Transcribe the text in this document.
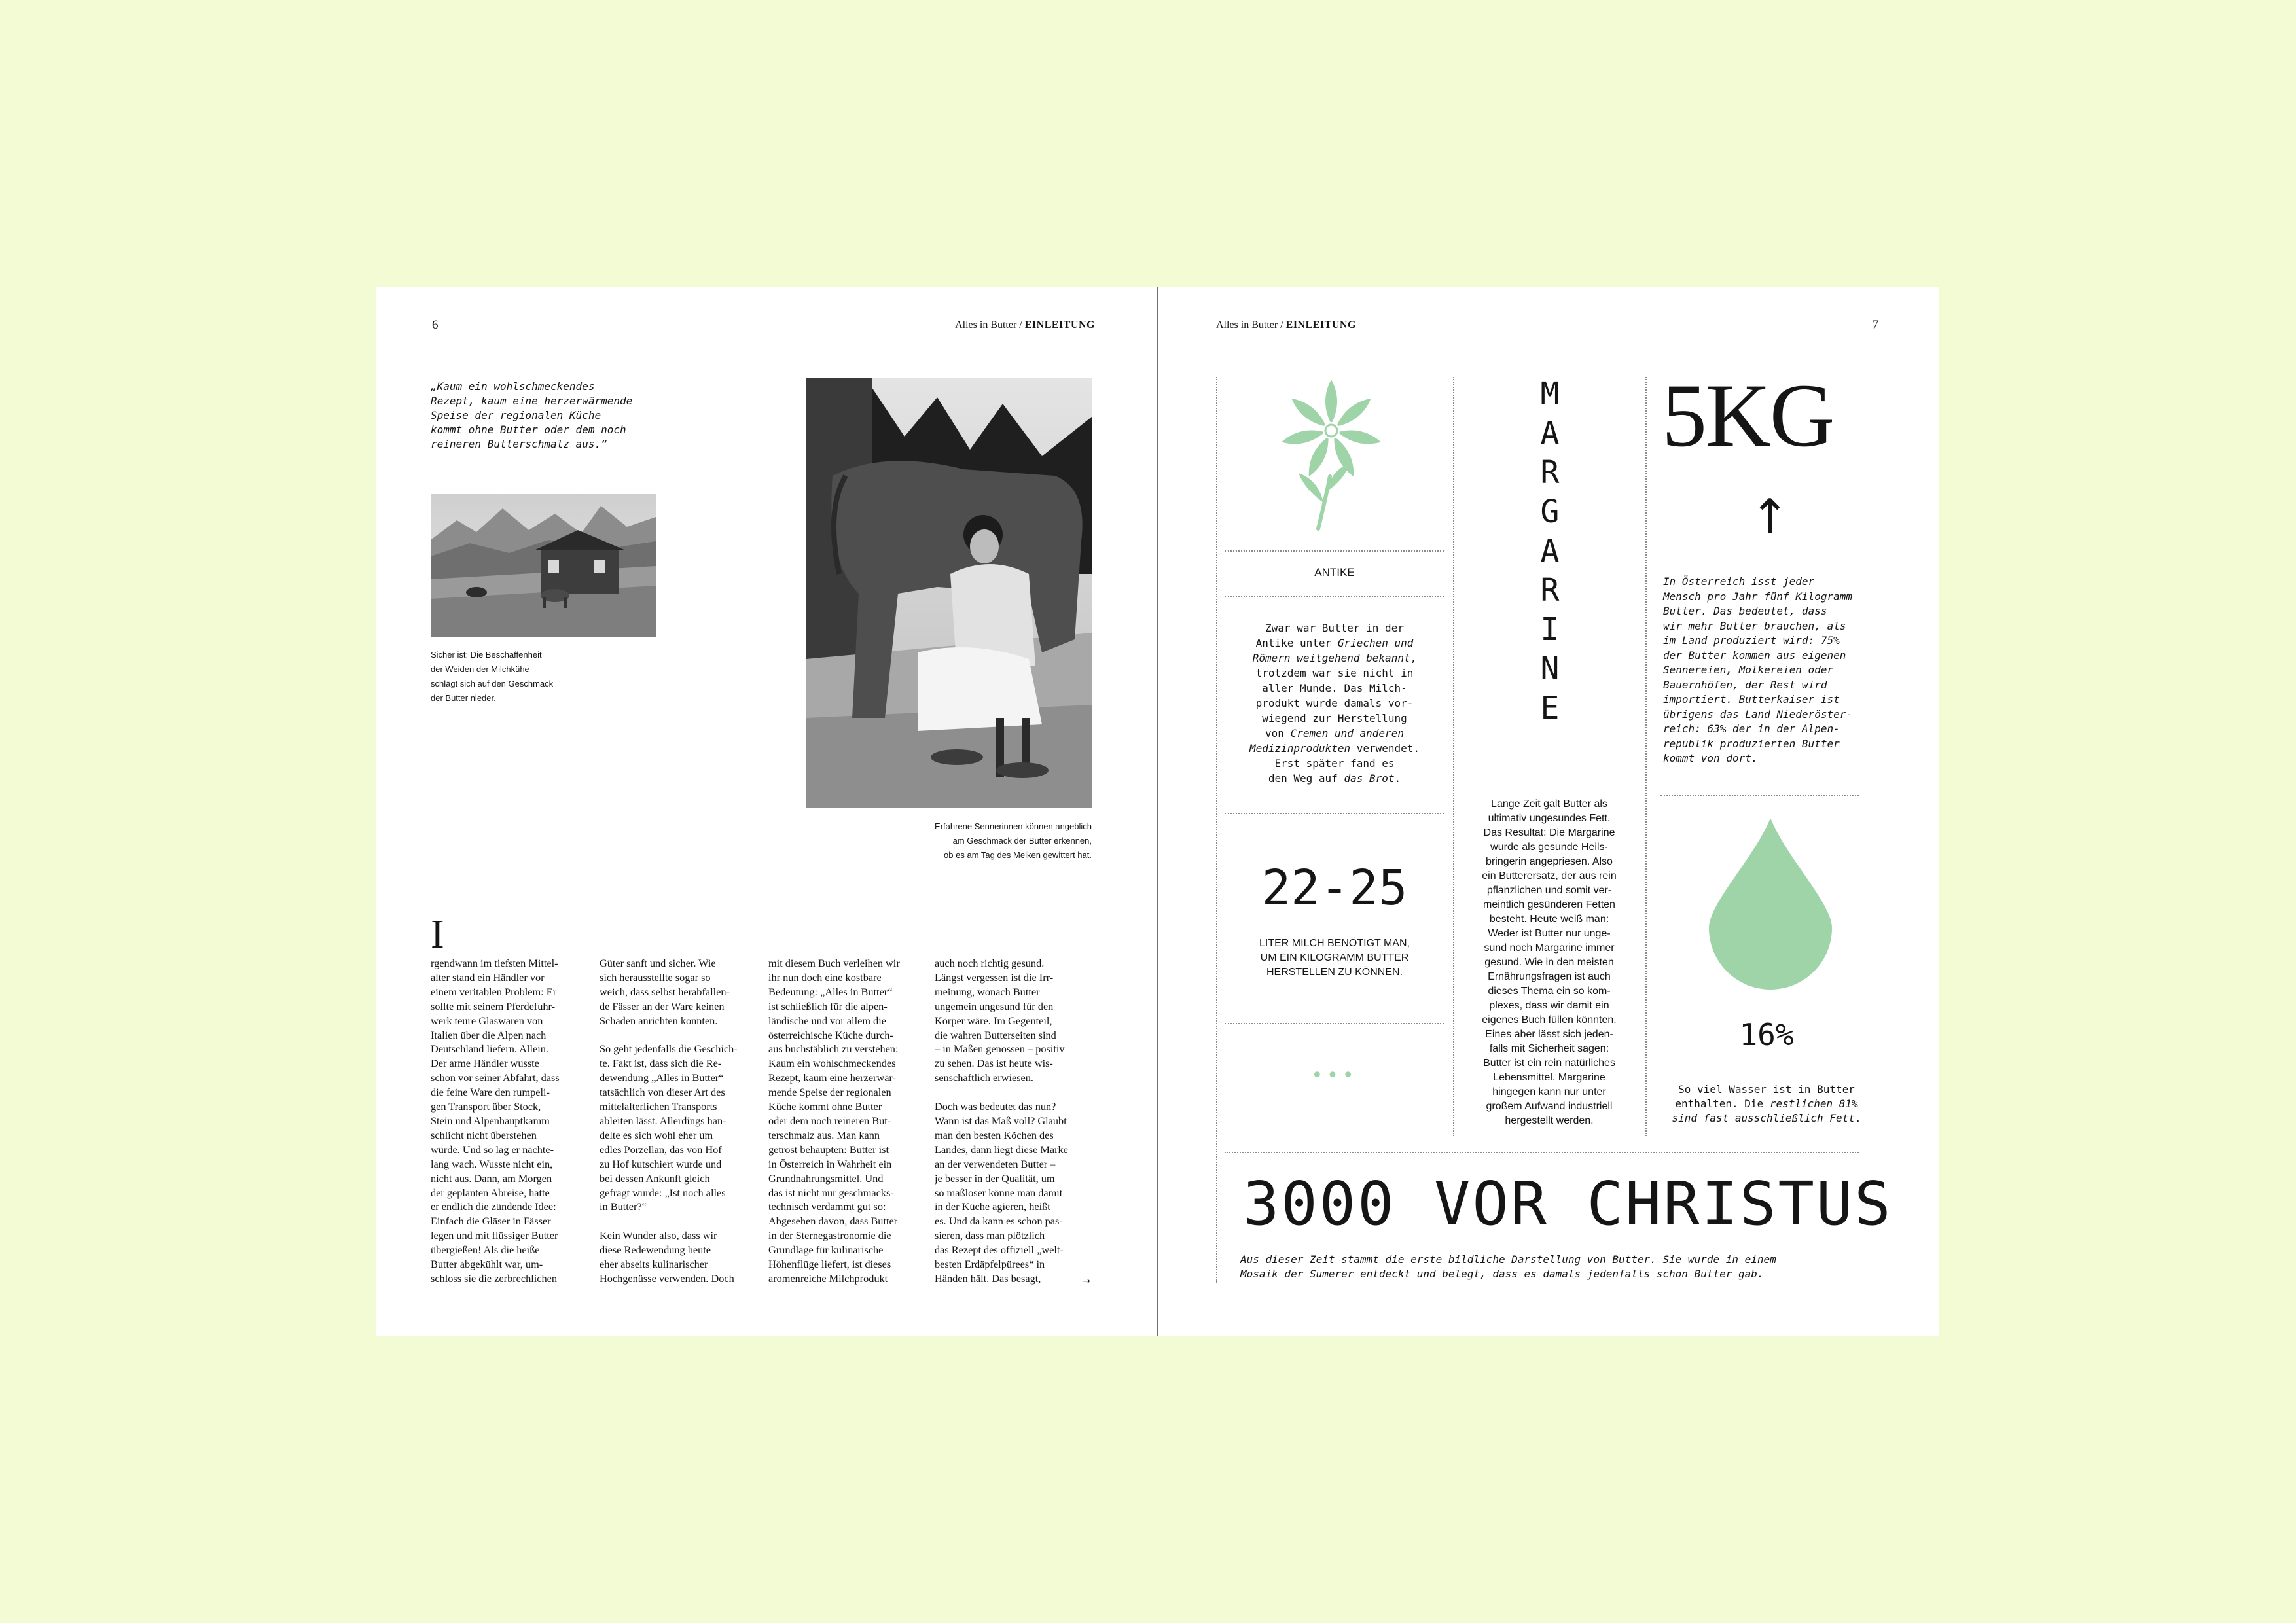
6	Alles in Butter / EINLEITUNG
„Kaum ein wohlschmeckendes
Rezept, kaum eine herzerwärmende
Speise der regionalen Küche
kommt ohne Butter oder dem noch
reineren Butterschmalz aus.“
Sicher ist: Die Beschaffenheit
der Weiden der Milchkühe
schlägt sich auf den Geschmack
der Butter nieder.
Erfahrene Sennerinnen können angeblich
am Geschmack der Butter erkennen,
ob es am Tag des Melken gewittert hat.
I
rgendwann im tiefsten Mittel-
alter stand ein Händler vor
einem veritablen Problem: Er
sollte mit seinem Pferdefuhr-
werk teure Glaswaren von
Italien über die Alpen nach
Deutschland liefern. Allein.
Der arme Händler wusste
schon vor seiner Abfahrt, dass
die feine Ware den rumpeli-
gen Transport über Stock,
Stein und Alpenhauptkamm
schlicht nicht überstehen
würde. Und so lag er nächte-
lang wach. Wusste nicht ein,
nicht aus. Dann, am Morgen
der geplanten Abreise, hatte
er endlich die zündende Idee:
Einfach die Gläser in Fässer
legen und mit flüssiger Butter
übergießen! Als die heiße
Butter abgekühlt war, um-
schloss sie die zerbrechlichen
Güter sanft und sicher. Wie
sich herausstellte sogar so
weich, dass selbst herabfallen-
de Fässer an der Ware keinen
Schaden anrichten konnten.

So geht jedenfalls die Geschich-
te. Fakt ist, dass sich die Re-
dewendung „Alles in Butter“
tatsächlich von dieser Art des
mittelalterlichen Transports
ableiten lässt. Allerdings han-
delte es sich wohl eher um
edles Porzellan, das von Hof
zu Hof kutschiert wurde und
bei dessen Ankunft gleich
gefragt wurde: „Ist noch alles
in Butter?“

Kein Wunder also, dass wir
diese Redewendung heute
eher abseits kulinarischer
Hochgenüsse verwenden. Doch
mit diesem Buch verleihen wir
ihr nun doch eine kostbare
Bedeutung: „Alles in Butter“
ist schließlich für die alpen-
ländische und vor allem die
österreichische Küche durch-
aus buchstäblich zu verstehen:
Kaum ein wohlschmeckendes
Rezept, kaum eine herzerwär-
mende Speise der regionalen
Küche kommt ohne Butter
oder dem noch reineren But-
terschmalz aus. Man kann
getrost behaupten: Butter ist
in Österreich in Wahrheit ein
Grundnahrungsmittel. Und
das ist nicht nur geschmacks-
technisch verdammt gut so:
Abgesehen davon, dass Butter
in der Sternegastronomie die
Grundlage für kulinarische
Höhenflüge liefert, ist dieses
aromenreiche Milchprodukt
auch noch richtig gesund.
Längst vergessen ist die Irr-
meinung, wonach Butter
ungemein ungesund für den
Körper wäre. Im Gegenteil,
die wahren Butterseiten sind
– in Maßen genossen – positiv
zu sehen. Das ist heute wis-
senschaftlich erwiesen.

Doch was bedeutet das nun?
Wann ist das Maß voll? Glaubt
man den besten Köchen des
Landes, dann liegt diese Marke
an der verwendeten Butter –
je besser in der Qualität, um
so maßloser könne man damit
in der Küche agieren, heißt
es. Und da kann es schon pas-
sieren, dass man plötzlich
das Rezept des offiziell „welt-
besten Erdäpfelpürees“ in
Händen hält. Das besagt,	→
Alles in Butter / EINLEITUNG	7
ANTIKE
Zwar war Butter in der
Antike unter Griechen und
Römern weitgehend bekannt,
trotzdem war sie nicht in
aller Munde. Das Milch-
produkt wurde damals vor-
wiegend zur Herstellung
von Cremen und anderen
Medizinprodukten verwendet.
Erst später fand es
den Weg auf das Brot.
22-25
LITER MILCH BENÖTIGT MAN,
UM EIN KILOGRAMM BUTTER
HERSTELLEN ZU KÖNNEN.
•••
M
A
R
G
A
R
I
N
E
Lange Zeit galt Butter als
ultimativ ungesundes Fett.
Das Resultat: Die Margarine
wurde als gesunde Heils-
bringerin angepriesen. Also
ein Butterersatz, der aus rein
pflanzlichen und somit ver-
meintlich gesünderen Fetten
besteht. Heute weiß man:
Weder ist Butter nur unge-
sund noch Margarine immer
gesund. Wie in den meisten
Ernährungsfragen ist auch
dieses Thema ein so kom-
plexes, dass wir damit ein
eigenes Buch füllen könnten.
Eines aber lässt sich jeden-
falls mit Sicherheit sagen:
Butter ist ein rein natürliches
Lebensmittel. Margarine
hingegen kann nur unter
großem Aufwand industriell
hergestellt werden.
5KG
↑
In Österreich isst jeder
Mensch pro Jahr fünf Kilogramm
Butter. Das bedeutet, dass
wir mehr Butter brauchen, als
im Land produziert wird: 75%
der Butter kommen aus eigenen
Sennereien, Molkereien oder
Bauernhöfen, der Rest wird
importiert. Butterkaiser ist
übrigens das Land Niederöster-
reich: 63% der in der Alpen-
republik produzierten Butter
kommt von dort.
16%
So viel Wasser ist in Butter
enthalten. Die restlichen 81%
sind fast ausschließlich Fett.
3000 VOR CHRISTUS
Aus dieser Zeit stammt die erste bildliche Darstellung von Butter. Sie wurde in einem
Mosaik der Sumerer entdeckt und belegt, dass es damals jedenfalls schon Butter gab.
